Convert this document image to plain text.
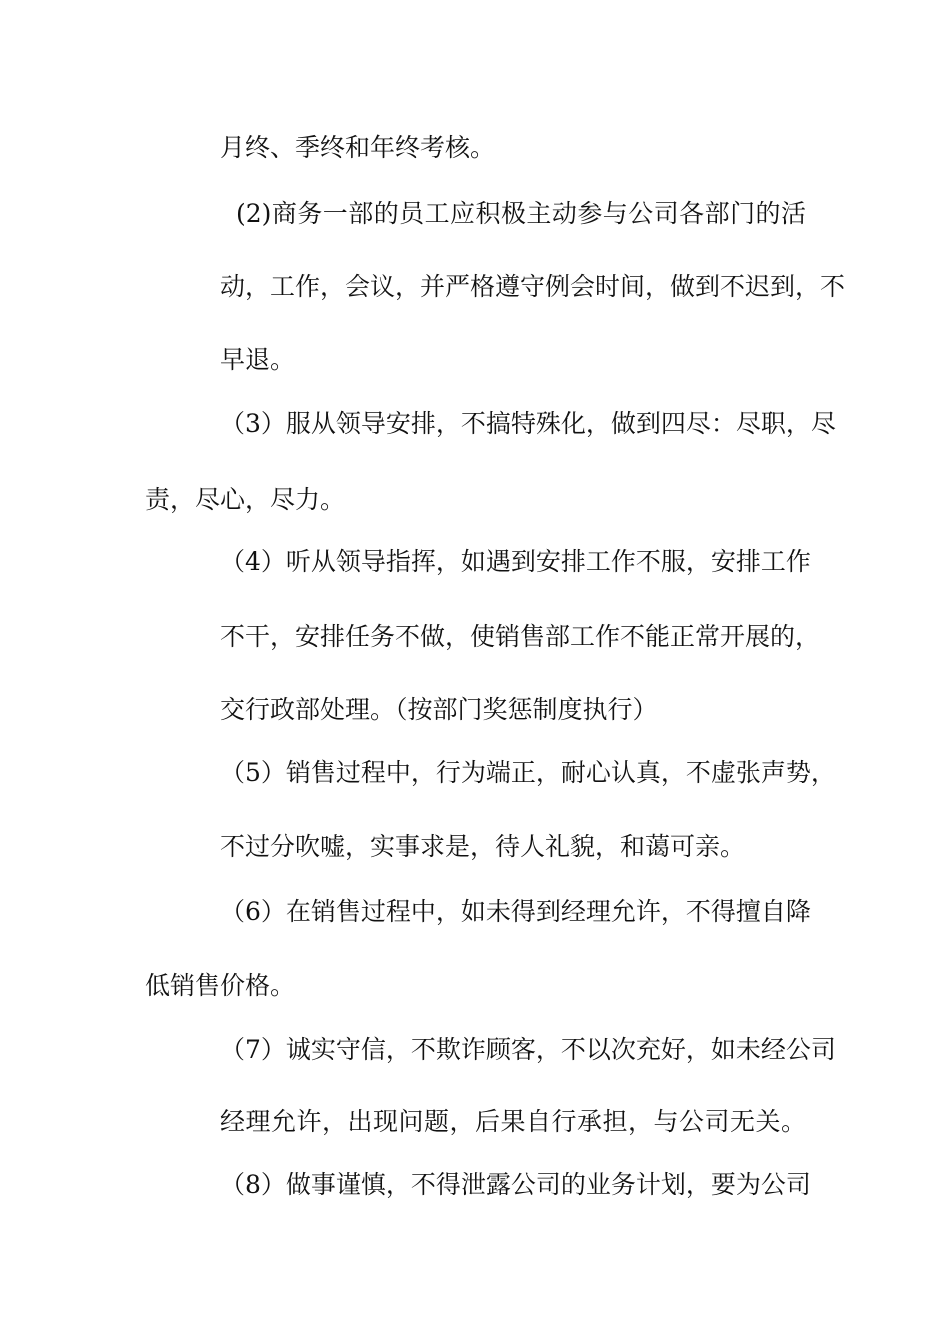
月终、季终和年终考核。
(2)商务一部的员工应积极主动参与公司各部门的活
动，工作，会议，并严格遵守例会时间，做到不迟到，不
早退。
（3）服从领导安排，不搞特殊化，做到四尽：尽职，尽
责，尽心，尽力。
（4）听从领导指挥，如遇到安排工作不服，安排工作
不干，安排任务不做，使销售部工作不能正常开展的，
交行政部处理。（按部门奖惩制度执行）
（5）销售过程中，行为端正，耐心认真，不虚张声势，
不过分吹嘘，实事求是，待人礼貌，和蔼可亲。
（6）在销售过程中，如未得到经理允许，不得擅自降
低销售价格。
（7）诚实守信，不欺诈顾客，不以次充好，如未经公司
经理允许，出现问题，后果自行承担，与公司无关。
（8）做事谨慎，不得泄露公司的业务计划，要为公司
